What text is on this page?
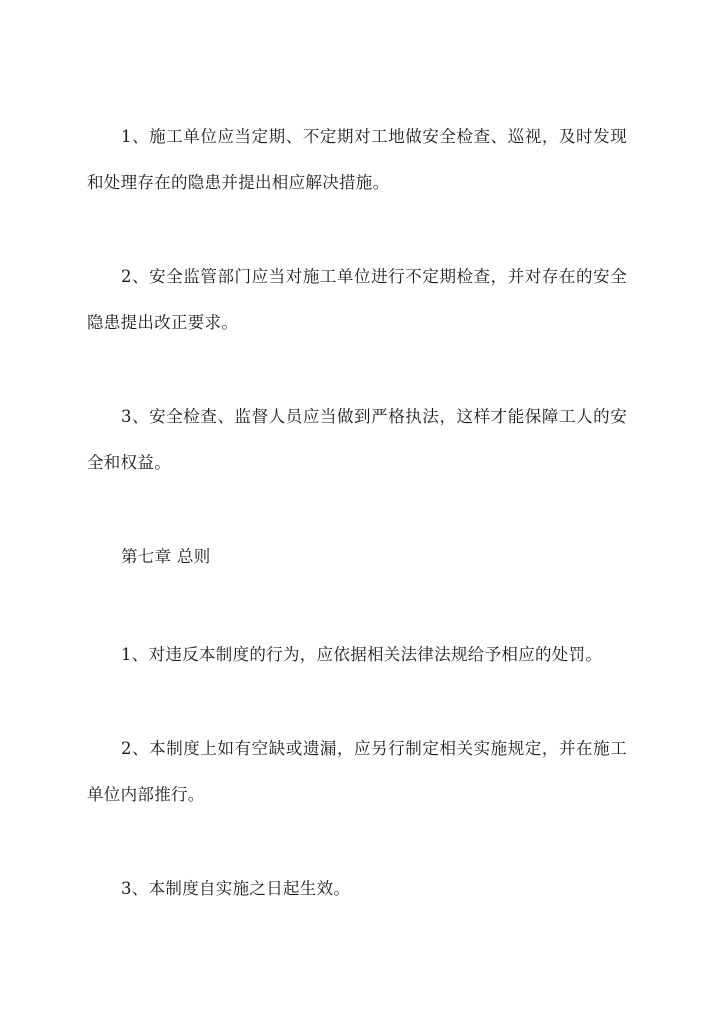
1、施工单位应当定期、不定期对工地做安全检查、巡视，及时发现
和处理存在的隐患并提出相应解决措施。
2、安全监管部门应当对施工单位进行不定期检查，并对存在的安全
隐患提出改正要求。
3、安全检查、监督人员应当做到严格执法，这样才能保障工人的安
全和权益。

第七章 总则

1、对违反本制度的行为，应依据相关法律法规给予相应的处罚。

2、本制度上如有空缺或遗漏，应另行制定相关实施规定，并在施工
单位内部推行。

3、本制度自实施之日起生效。
